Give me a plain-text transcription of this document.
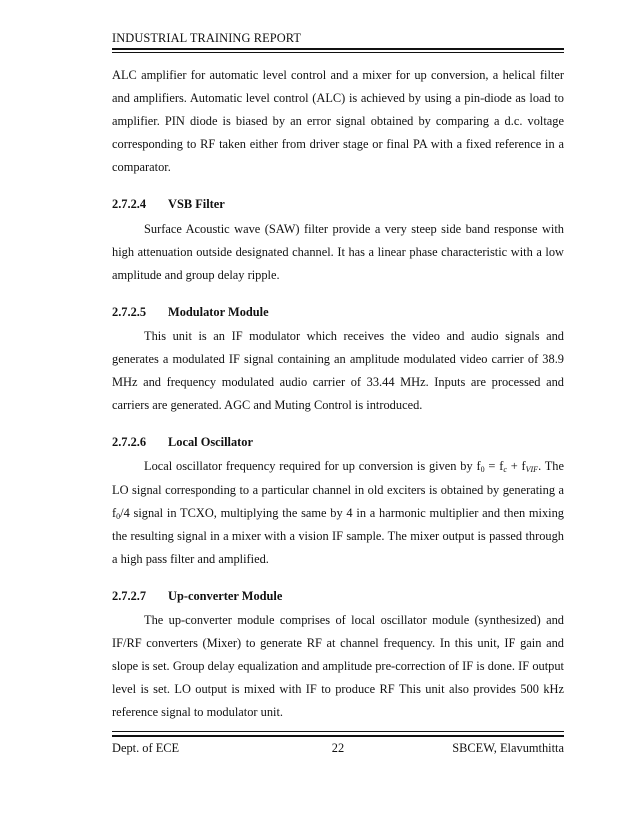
INDUSTRIAL TRAINING REPORT

ALC amplifier for automatic level control and a mixer for up conversion, a helical filter and amplifiers. Automatic level control (ALC) is achieved by using a pin-diode as load to amplifier. PIN diode is biased by an error signal obtained by comparing a d.c. voltage corresponding to RF taken either from driver stage or final PA with a fixed reference in a comparator.

2.7.2.4	VSB Filter

Surface Acoustic wave (SAW) filter provide a very steep side band response with high attenuation outside designated channel. It has a linear phase characteristic with a low amplitude and group delay ripple.

2.7.2.5	Modulator Module

This unit is an IF modulator which receives the video and audio signals and generates a modulated IF signal containing an amplitude modulated video carrier of 38.9 MHz and frequency modulated audio carrier of 33.44 MHz. Inputs are processed and carriers are generated. AGC and Muting Control is introduced.

2.7.2.6	Local Oscillator

Local oscillator frequency required for up conversion is given by $f_0 = f_c + f_{VIF}$. The LO signal corresponding to a particular channel in old exciters is obtained by generating a $f_0/4$ signal in TCXO, multiplying the same by 4 in a harmonic multiplier and then mixing the resulting signal in a mixer with a vision IF sample. The mixer output is passed through a high pass filter and amplified.

2.7.2.7	Up-converter Module

The up-converter module comprises of local oscillator module (synthesized) and IF/RF converters (Mixer) to generate RF at channel frequency. In this unit, IF gain and slope is set. Group delay equalization and amplitude pre-correction of IF is done. IF output level is set. LO output is mixed with IF to produce RF This unit also provides 500 kHz reference signal to modulator unit.

Dept. of ECE	22	SBCEW, Elavumthitta
